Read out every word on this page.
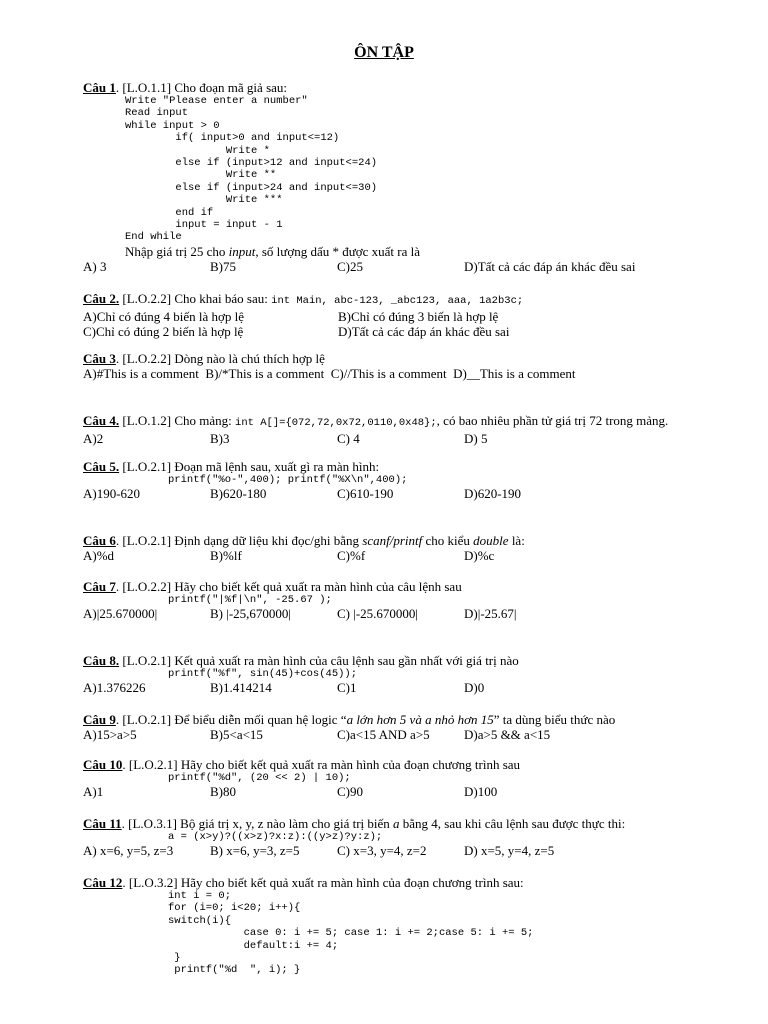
ÔN TẬP
Câu 1. [L.O.1.1] Cho đoạn mã giả sau:
Write "Please enter a number"
Read input
while input > 0
if( input>0 and input<=12)
Write *
else if (input>12 and input<=24)
Write **
else if (input>24 and input<=30)
Write ***
end if
input = input - 1
End while
Nhập giá trị 25 cho input, số lượng dấu * được xuất ra là
A) 3	B)75	C)25	D)Tất cả các đáp án khác đều sai
Câu 2. [L.O.2.2] Cho khai báo sau: int Main, abc-123, _abc123, aaa, 1a2b3c;
A)Chỉ có đúng 4 biến là hợp lệ	B)Chỉ có đúng 3 biến là hợp lệ
C)Chỉ có đúng 2 biến là hợp lệ	D)Tất cả các đáp án khác đều sai
Câu 3. [L.O.2.2] Dòng nào là chú thích hợp lệ
A)#This is a comment B)/*This is a comment C)//This is a comment D)__This is a comment
Câu 4. [L.O.1.2] Cho mảng: int A[]={072,72,0x72,0110,0x48};, có bao nhiêu phần tử giá trị 72 trong mảng.
A)2	B)3	C) 4	D) 5
Câu 5. [L.O.2.1] Đoạn mã lệnh sau, xuất gì ra màn hình:
printf("%o-",400); printf("%X\n",400);
A)190-620	B)620-180	C)610-190	D)620-190
Câu 6. [L.O.2.1] Định dạng dữ liệu khi đọc/ghi bằng scanf/printf cho kiểu double là:
A)%d	B)%lf	C)%f	D)%c
Câu 7. [L.O.2.2] Hãy cho biết kết quả xuất ra màn hình của câu lệnh sau
printf("|%f|\n", -25.67 );
A)|25.670000|	B) |-25,670000|	C) |-25.670000|	D)|-25.67|
Câu 8. [L.O.2.1] Kết quả xuất ra màn hình của câu lệnh sau gần nhất với giá trị nào
printf("%f", sin(45)+cos(45));
A)1.376226	B)1.414214	C)1	D)0
Câu 9. [L.O.2.1] Để biểu diễn mối quan hệ logic “a lớn hơn 5 và a nhỏ hơn 15” ta dùng biểu thức nào
A)15>a>5	B)5<a<15	C)a<15 AND a>5	D)a>5 && a<15
Câu 10. [L.O.2.1] Hãy cho biết kết quả xuất ra màn hình của đoạn chương trình sau
printf("%d", (20 << 2) | 10);
A)1	B)80	C)90	D)100
Câu 11. [L.O.3.1] Bộ giá trị x, y, z nào làm cho giá trị biến a bằng 4, sau khi câu lệnh sau được thực thi:
a = (x>y)?((x>z)?x:z):((y>z)?y:z);
A) x=6, y=5, z=3	B) x=6, y=3, z=5	C) x=3, y=4, z=2	D) x=5, y=4, z=5
Câu 12. [L.O.3.2] Hãy cho biết kết quả xuất ra màn hình của đoạn chương trình sau:
int i = 0;
for (i=0; i<20; i++){
switch(i){
case 0: i += 5; case 1: i += 2;case 5: i += 5;
default:i += 4;
}
printf("%d  ", i); }
